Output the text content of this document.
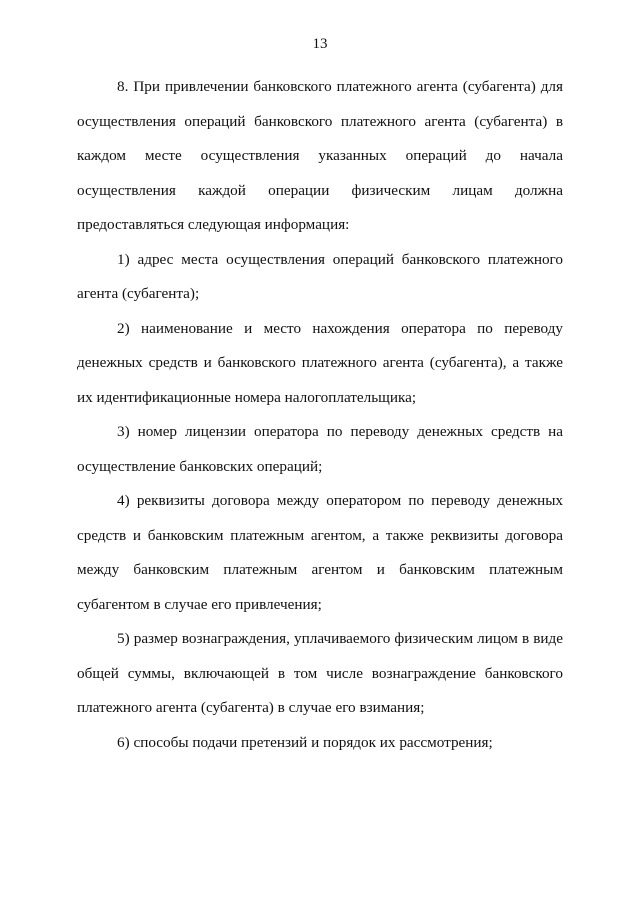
13

8. При привлечении банковского платежного агента (субагента) для осуществления операций банковского платежного агента (субагента) в каждом месте осуществления указанных операций до начала осуществления каждой операции физическим лицам должна предоставляться следующая информация:

1) адрес места осуществления операций банковского платежного агента (субагента);

2) наименование и место нахождения оператора по переводу денежных средств и банковского платежного агента (субагента), а также их идентификационные номера налогоплательщика;

3) номер лицензии оператора по переводу денежных средств на осуществление банковских операций;

4) реквизиты договора между оператором по переводу денежных средств и банковским платежным агентом, а также реквизиты договора между банковским платежным агентом и банковским платежным субагентом в случае его привлечения;

5) размер вознаграждения, уплачиваемого физическим лицом в виде общей суммы, включающей в том числе вознаграждение банковского платежного агента (субагента) в случае его взимания;

6) способы подачи претензий и порядок их рассмотрения;
